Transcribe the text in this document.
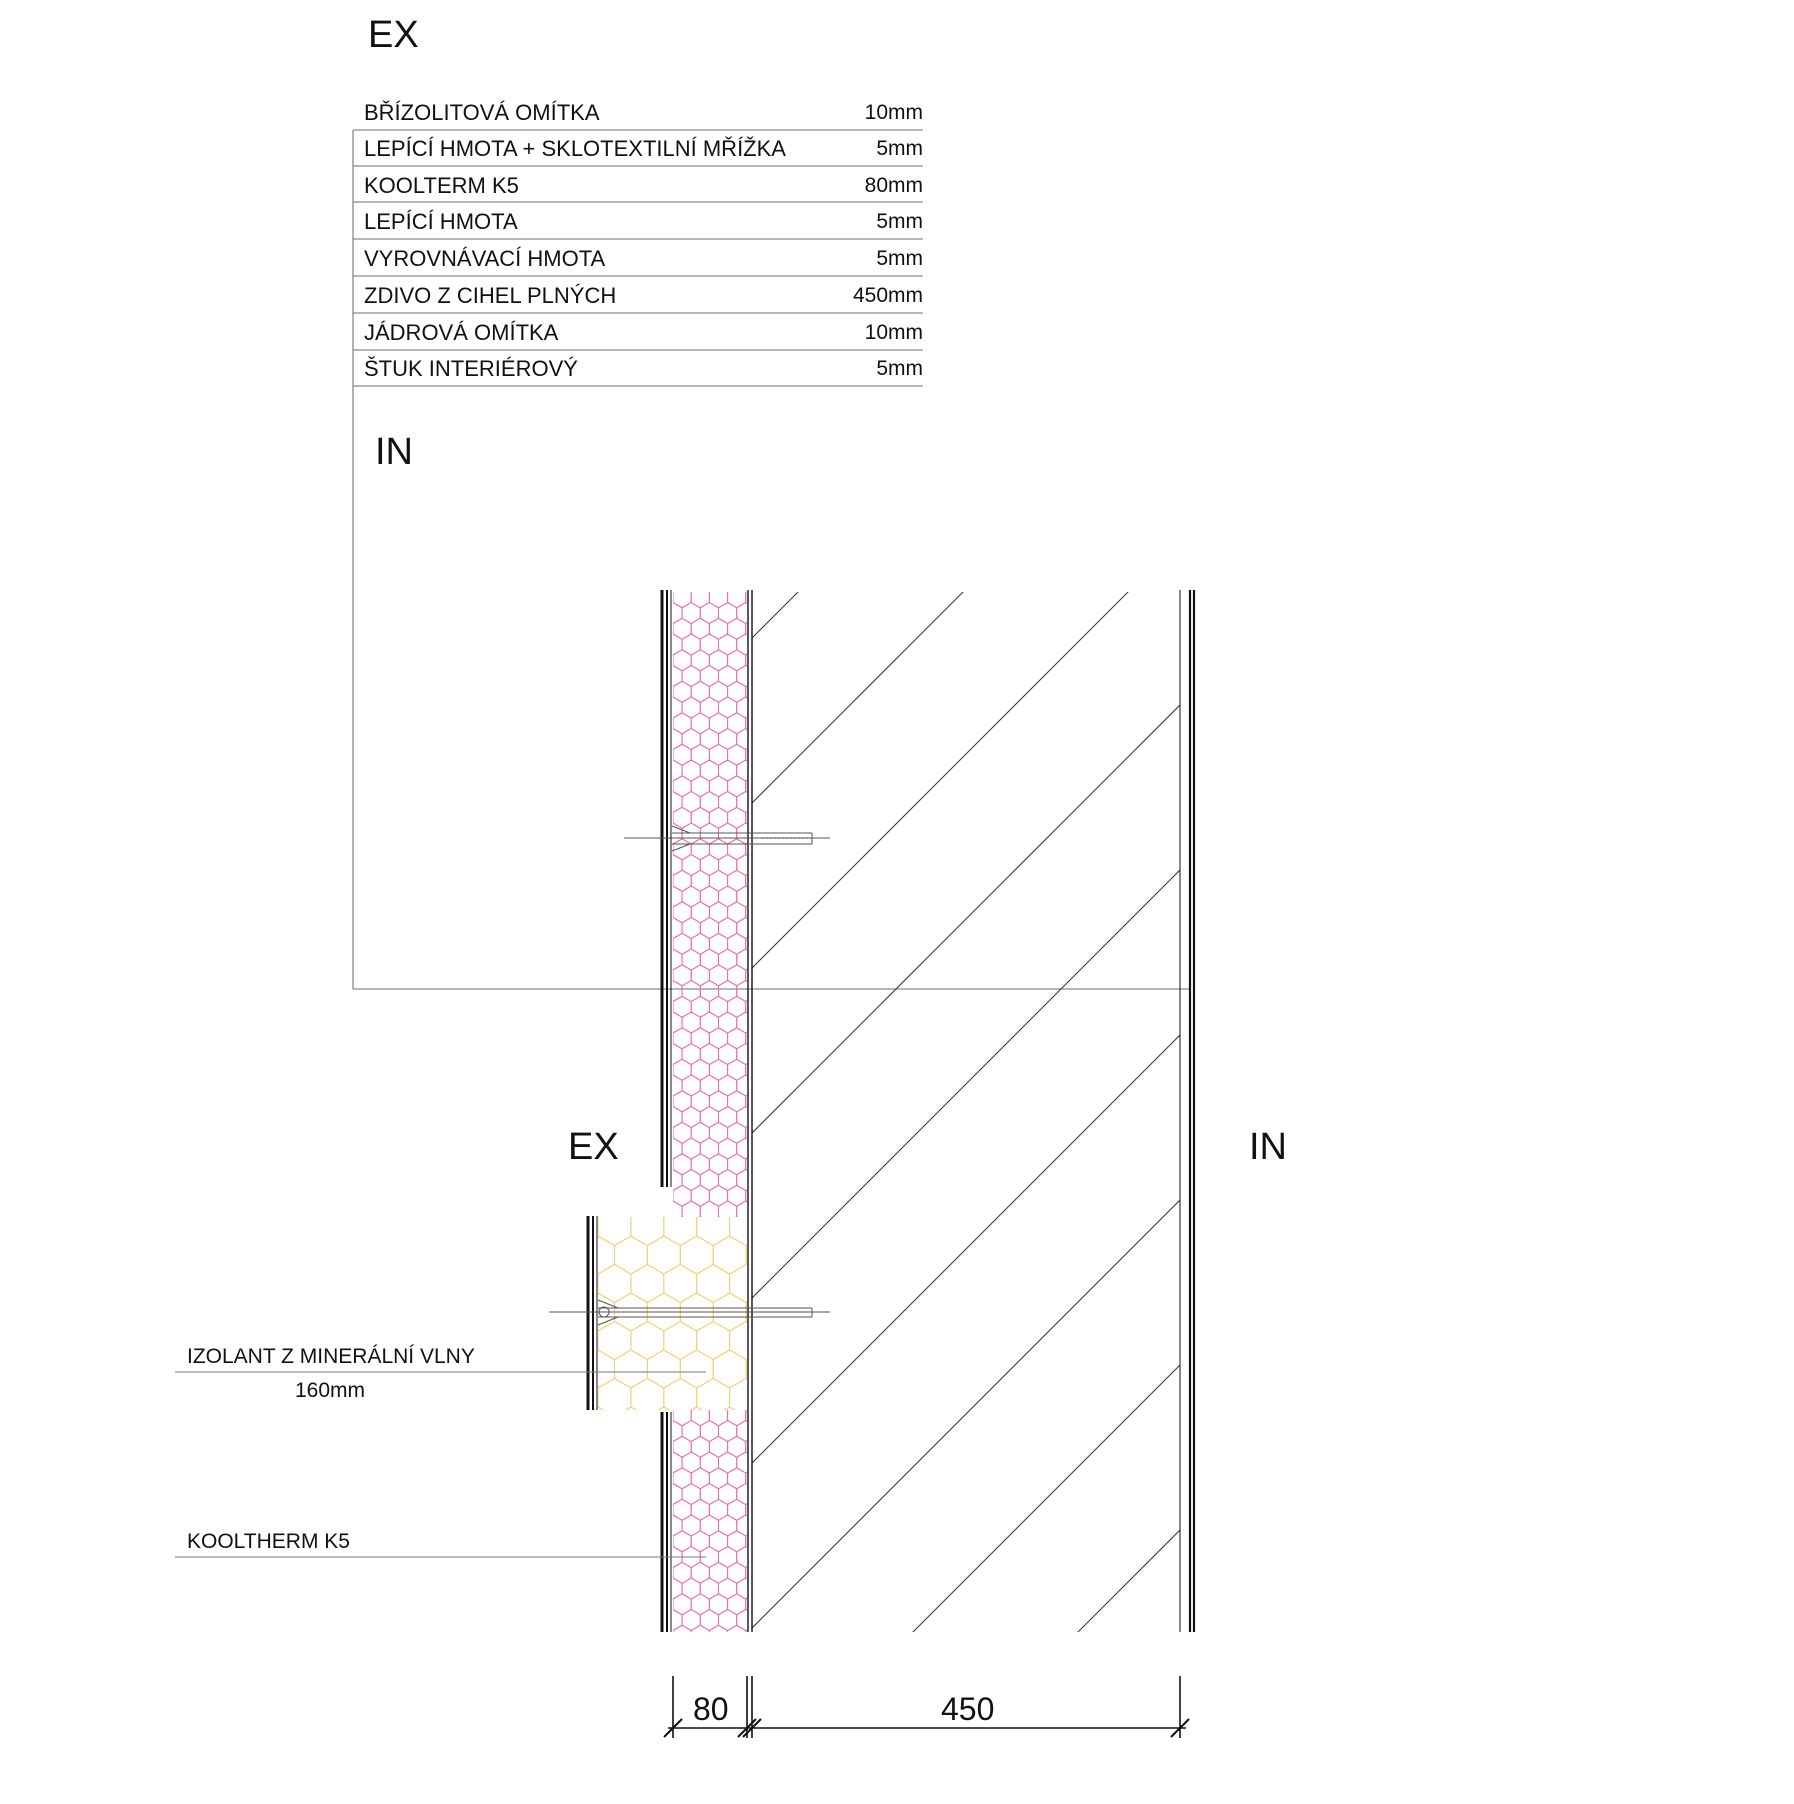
EX
IN
BŘÍZOLITOVÁ OMÍTKA	10mm
LEPÍCÍ HMOTA + SKLOTEXTILNÍ MŘÍŽKA	5mm
KOOLTERM K5	80mm
LEPÍCÍ HMOTA	5mm
VYROVNÁVACÍ HMOTA	5mm
ZDIVO Z CIHEL PLNÝCH	450mm
JÁDROVÁ OMÍTKA	10mm
ŠTUK INTERIÉROVÝ	5mm
EX	IN
IZOLANT Z MINERÁLNÍ VLNY
160mm
KOOLTHERM K5
80	450
